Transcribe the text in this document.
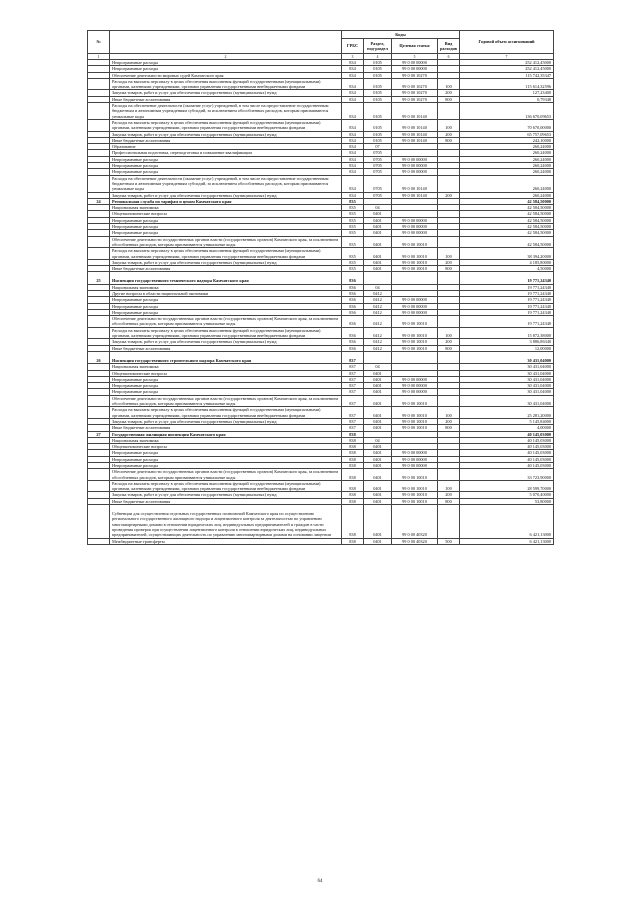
№		Коды				Годовой объем ассигнований
		ГРБС	Раздел, под-раздел	Целевая статья	Вид расходов	
1	2	3	4	5	6	7
	Непрограммные расходы	834	0105	99 0 00 00000		252 412,45000
	Непрограммные расходы	834	0105	99 0 00 00000		252 412,45000
	Обеспечение деятельности мировых судей Камчатского края	834	0105	99 0 00 10270		115 742,35347
	Расходы на выплаты персоналу в целях обеспечения выполнения функций государственными (муниципальными) органами, казенными учреждениями, органами управления государственными внебюджетными фондами	834	0105	99 0 00 10270	100	115 614,32596
	Закупка товаров, работ и услуг для обеспечения государственных (муниципальных) нужд	834	0105	99 0 00 10270	200	127,23400
	Иные бюджетные ассигнования	834	0105	99 0 00 10270	800	0,79348
	Расходы на обеспечение деятельности (оказание услуг) учреждений, в том числе на предоставление государственным бюджетным и автономным учреждениям субсидий, за исключением обособленных расходов, которым присваиваются уникальные коды	834	0105	99 0 00 10140		136 670,09653
	Расходы на выплаты персоналу в целях обеспечения выполнения функций государственными (муниципальными) органами, казенными учреждениями, органами управления государственными внебюджетными фондами	834	0105	99 0 00 10140	100	70 670,00000
	Закупка товаров, работ и услуг для обеспечения государственных (муниципальных) нужд	834	0105	99 0 00 10140	200	65 757,09653
	Иные бюджетные ассигнования	834	0105	99 0 00 10140	800	242,10000
	Образование	834	07			260,24000
	Профессиональная подготовка, переподготовка и повышение квалификации	834	0705			260,24000
	Непрограммные расходы	834	0705	99 0 00 00000		260,24000
	Непрограммные расходы	834	0705	99 0 00 00000		260,24000
	Непрограммные расходы	834	0705	99 0 00 00000		260,24000
	Расходы на обеспечение деятельности (оказание услуг) учреждений, в том числе на предоставление государственным бюджетным и автономным учреждениям субсидий, за исключением обособленных расходов, которым присваиваются уникальные коды	834	0705	99 0 00 10140		260,24000
	Закупка товаров, работ и услуг для обеспечения государственных (муниципальных) нужд	834	0705	99 0 00 10140	200	260,24000
24	Региональная служба по тарифам и ценам Камчатского края	835				42 584,50000
	Национальная экономика	835	04			42 584,50000
	Общеэкономические вопросы	835	0401			42 584,50000
	Непрограммные расходы	835	0401	99 0 00 00000		42 584,50000
	Непрограммные расходы	835	0401	99 0 00 00000		42 584,50000
	Непрограммные расходы	835	0401	99 0 00 00000		42 584,50000
	Обеспечение деятельности государственных органов власти (государственных органов) Камчатского края, за исключением обособленных расходов, которым присваиваются уникальные коды	835	0401	99 0 00 10010		42 584,50000
	Расходы на выплаты персоналу в целях обеспечения выполнения функций государственными (муниципальными) органами, казенными учреждениями, органами управления государственными внебюджетными фондами	835	0401	99 0 00 10010	100	38 394,20000
	Закупка товаров, работ и услуг для обеспечения государственных (муниципальных) нужд	835	0401	99 0 00 10010	200	4 185,80000
	Иные бюджетные ассигнования	835	0401	99 0 00 10010	800	4,50000
25	Инспекция государственного технического надзора Камчатского края	836				19 771,24340
	Национальная экономика	836	04			19 771,24340
	Другие вопросы в области национальной экономики	836	0412			19 771,24340
	Непрограммные расходы	836	0412	99 0 00 00000		19 771,24340
	Непрограммные расходы	836	0412	99 0 00 00000		19 771,24340
	Непрограммные расходы	836	0412	99 0 00 00000		19 771,24340
	Обеспечение деятельности государственных органов власти (государственных органов) Камчатского края, за исключением обособленных расходов, которым присваиваются уникальные коды	836	0412	99 0 00 10010		19 771,24340
	Расходы на выплаты персоналу в целях обеспечения выполнения функций государственными (муниципальными) органами, казенными учреждениями, органами управления государственными внебюджетными фондами	836	0412	99 0 00 10010	100	15 872,38000
	Закупка товаров, работ и услуг для обеспечения государственных (муниципальных) нужд	836	0412	99 0 00 10010	200	3 886,86340
	Иные бюджетные ассигнования	836	0412	99 0 00 10010	800	12,00000
26	Инспекция государственного строительного надзора Камчатского края	837				30 431,04000
	Национальная экономика	837	04			30 431,04000
	Общеэкономические вопросы	837	0401			30 431,04000
	Непрограммные расходы	837	0401	99 0 00 00000		30 431,04000
	Непрограммные расходы	837	0401	99 0 00 00000		30 431,04000
	Непрограммные расходы	837	0401	99 0 00 00000		30 431,04000
	Обеспечение деятельности государственных органов власти (государственных органов) Камчатского края, за исключением обособленных расходов, которым присваиваются уникальные коды	837	0401	99 0 00 10010		30 431,04000
	Расходы на выплаты персоналу в целях обеспечения выполнения функций государственными (муниципальными) органами, казенными учреждениями, органами управления государственными внебюджетными фондами	837	0401	99 0 00 10010	100	25 281,20000
	Закупка товаров, работ и услуг для обеспечения государственных (муниципальных) нужд	837	0401	99 0 00 10010	200	5 145,84000
	Иные бюджетные ассигнования	837	0401	99 0 00 10010	800	4,00000
27	Государственная жилищная инспекция Камчатского края	838				40 145,03000
	Национальная экономика	838	04			40 145,03000
	Общеэкономические вопросы	838	0401			40 145,03000
	Непрограммные расходы	838	0401	99 0 00 00000		40 145,03000
	Непрограммные расходы	838	0401	99 0 00 00000		40 145,03000
	Непрограммные расходы	838	0401	99 0 00 00000		40 145,03000
	Обеспечение деятельности государственных органов власти (государственных органов) Камчатского края, за исключением обособленных расходов, которым присваиваются уникальные коды	838	0401	99 0 00 10010		33 723,90000
	Расходы на выплаты персоналу в целях обеспечения выполнения функций государственными (муниципальными) органами, казенными учреждениями, органами управления государственными внебюджетными фондами	838	0401	99 0 00 10010	100	28 599,70000
	Закупка товаров, работ и услуг для обеспечения государственных (муниципальных) нужд	838	0401	99 0 00 10010	200	5 070,40000
	Иные бюджетные ассигнования	838	0401	99 0 00 10010	800	53,80000
	Субвенции для осуществления отдельных государственных полномочий Камчатского края по осуществлению регионального государственного жилищного надзора и лицензионного контроля за деятельностью по управлению многоквартирными домами в отношении юридических лиц, индивидуальных предпринимателей и граждан в части проведения проверок при осуществлении лицензионного контроля в отношении юридических лиц, индивидуальных предпринимателей, осуществляющих деятельность по управлению многоквартирными домами на основании лицензии	838	0401	99 0 00 40320		6 421,13000
	Межбюджетные трансферты	838	0401	99 0 00 40320	500	6 421,13000
64
